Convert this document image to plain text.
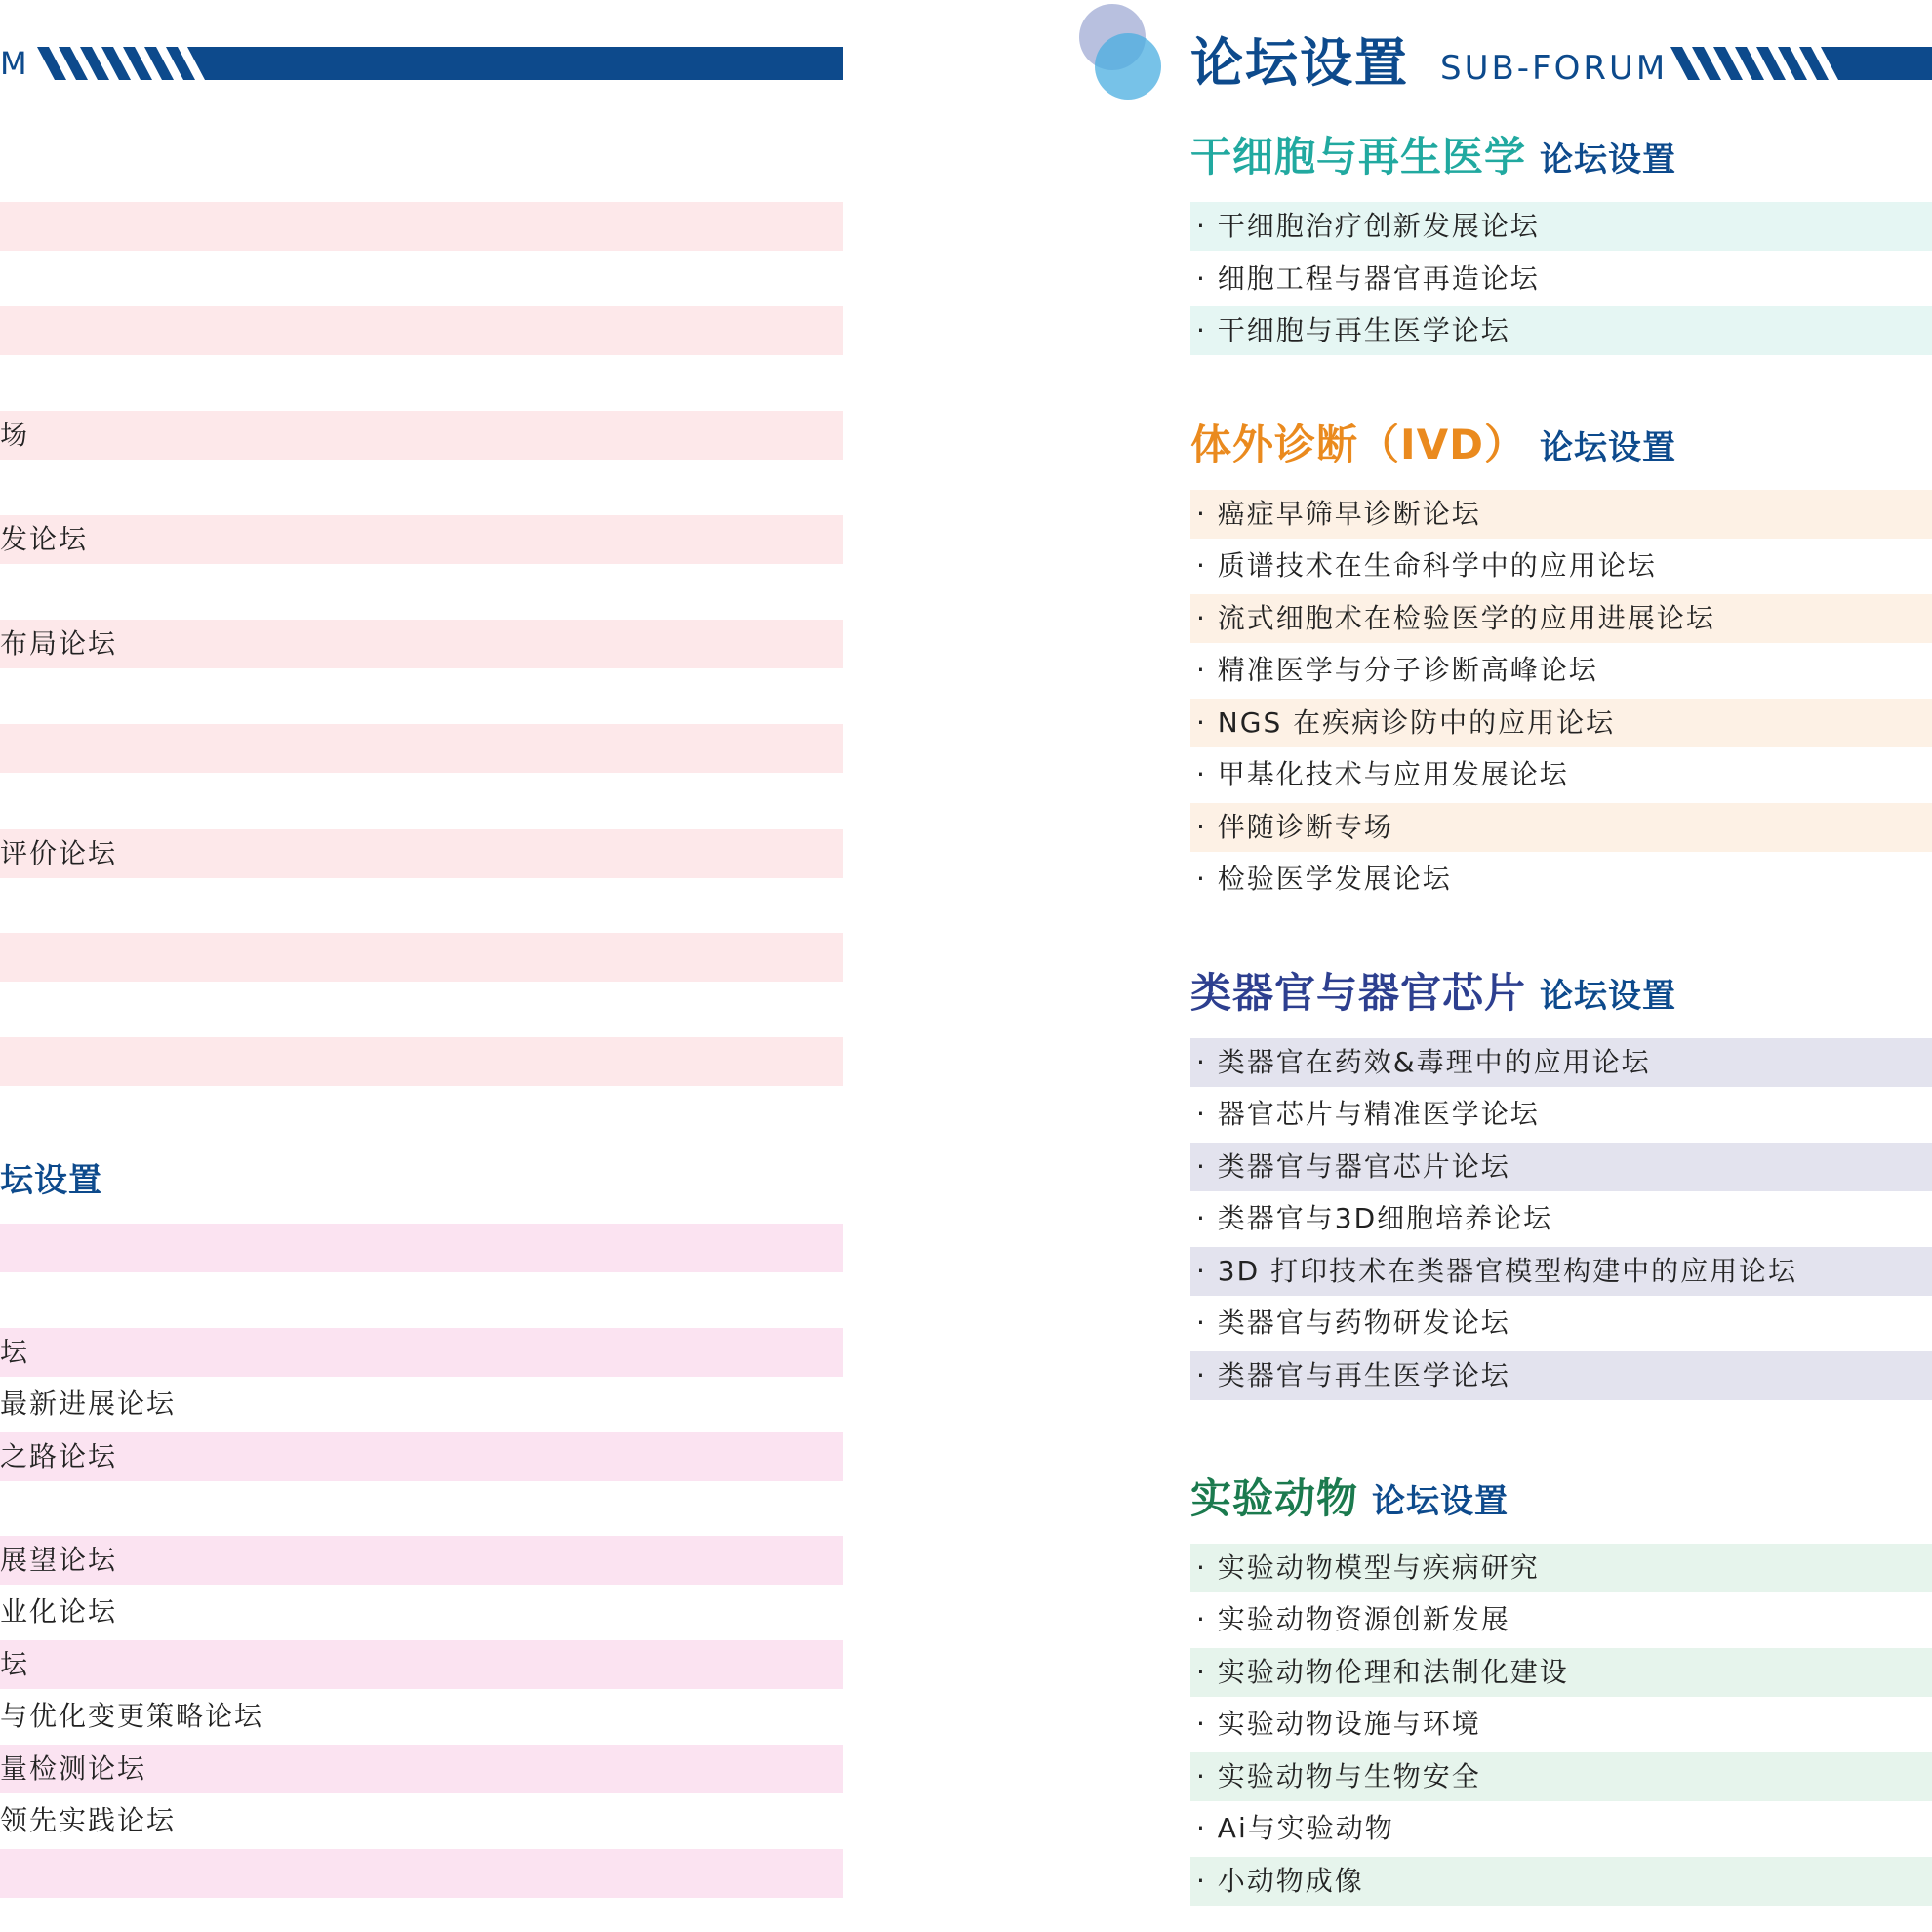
M
场
发论坛
布局论坛
评价论坛
坛设置
坛
最新进展论坛
之路论坛
展望论坛
业化论坛
坛
与优化变更策略论坛
量检测论坛
领先实践论坛
论坛设置 SUB-FORUM
干细胞与再生医学 论坛设置
· 干细胞治疗创新发展论坛
· 细胞工程与器官再造论坛
· 干细胞与再生医学论坛
体外诊断（IVD） 论坛设置
· 癌症早筛早诊断论坛
· 质谱技术在生命科学中的应用论坛
· 流式细胞术在检验医学的应用进展论坛
· 精准医学与分子诊断高峰论坛
· NGS 在疾病诊防中的应用论坛
· 甲基化技术与应用发展论坛
· 伴随诊断专场
· 检验医学发展论坛
类器官与器官芯片 论坛设置
· 类器官在药效&毒理中的应用论坛
· 器官芯片与精准医学论坛
· 类器官与器官芯片论坛
· 类器官与3D细胞培养论坛
· 3D 打印技术在类器官模型构建中的应用论坛
· 类器官与药物研发论坛
· 类器官与再生医学论坛
实验动物 论坛设置
· 实验动物模型与疾病研究
· 实验动物资源创新发展
· 实验动物伦理和法制化建设
· 实验动物设施与环境
· 实验动物与生物安全
· Ai与实验动物
· 小动物成像
